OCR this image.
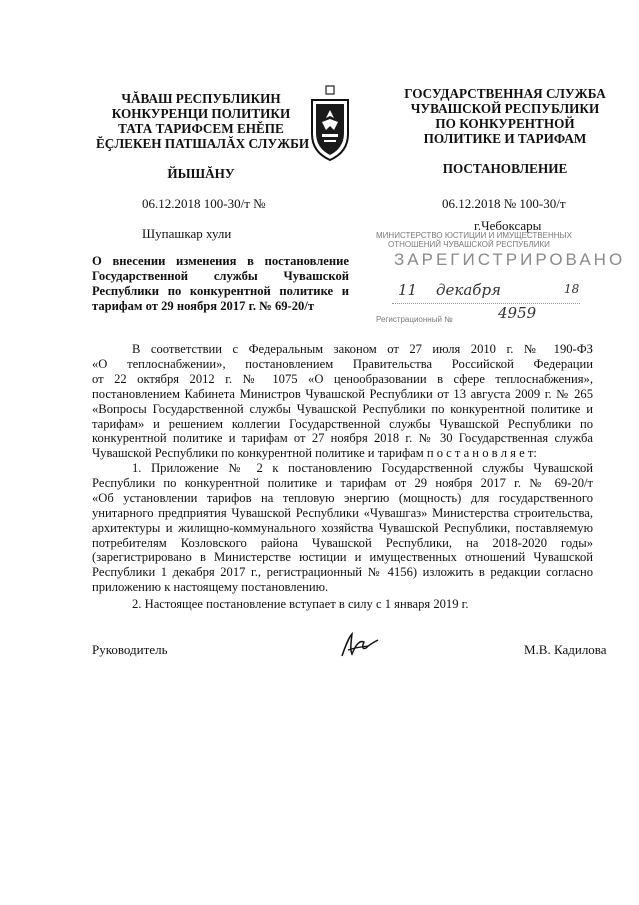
ЧĂВАШ РЕСПУБЛИКИН
КОНКУРЕНЦИ ПОЛИТИКИ
ТАТА ТАРИФСЕМ ЕНĚПЕ
ĔҪЛЕКЕН ПАТШАЛĂХ СЛУЖБИ
ЙЫШĂНУ
ГОСУДАРСТВЕННАЯ СЛУЖБА
ЧУВАШСКОЙ РЕСПУБЛИКИ
ПО КОНКУРЕНТНОЙ
ПОЛИТИКЕ И ТАРИФАМ
ПОСТАНОВЛЕНИЕ
06.12.2018 100-30/т №	06.12.2018 № 100-30/т
Шупашкар хули
г.Чебоксары
МИНИСТЕРСТВО ЮСТИЦИИ И ИМУЩЕСТВЕННЫХ
ОТНОШЕНИЙ ЧУВАШСКОЙ РЕСПУБЛИКИ
ЗАРЕГИСТРИРОВАНО
11 декабря	18
Регистрационный №	4959
О внесении изменения в постановление
Государственной службы Чувашской
Республики по конкурентной политике и
тарифам от 29 ноября 2017 г. № 69-20/т
В соответствии с Федеральным законом от 27 июля 2010 г. № 190-ФЗ
«О теплоснабжении», постановлением Правительства Российской Федерации
от 22 октября 2012 г. № 1075 «О ценообразовании в сфере теплоснабжения»,
постановлением Кабинета Министров Чувашской Республики от 13 августа 2009 г. № 265
«Вопросы Государственной службы Чувашской Республики по конкурентной политике и
тарифам» и решением коллегии Государственной службы Чувашской Республики по
конкурентной политике и тарифам от 27 ноября 2018 г. № 30 Государственная служба
Чувашской Республики по конкурентной политике и тарифам п о с т а н о в л я е т:
1. Приложение № 2 к постановлению Государственной службы Чувашской
Республики по конкурентной политике и тарифам от 29 ноября 2017 г. № 69-20/т
«Об установлении тарифов на тепловую энергию (мощность) для государственного
унитарного предприятия Чувашской Республики «Чувашгаз» Министерства строительства,
архитектуры и жилищно-коммунального хозяйства Чувашской Республики, поставляемую
потребителям Козловского района Чувашской Республики, на 2018-2020 годы»
(зарегистрировано в Министерстве юстиции и имущественных отношений Чувашской
Республики 1 декабря 2017 г., регистрационный № 4156) изложить в редакции согласно
приложению к настоящему постановлению.
2. Настоящее постановление вступает в силу с 1 января 2019 г.
Руководитель	М.В. Кадилова
